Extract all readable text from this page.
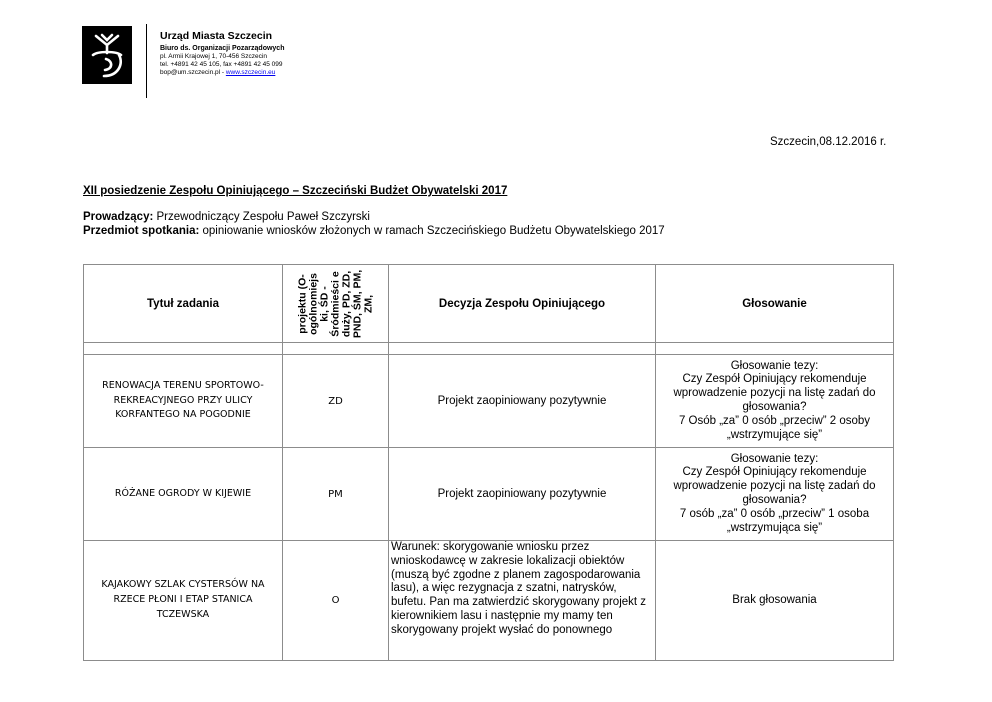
Urząd Miasta Szczecin
Biuro ds. Organizacji Pozarządowych
pl. Armii Krajowej 1, 70-456 Szczecin
tel. +4891 42 45 105, fax +4891 42 45 099
bop@um.szczecin.pl - www.szczecin.eu
Szczecin,08.12.2016 r.
XII posiedzenie Zespołu Opiniującego – Szczeciński Budżet Obywatelski 2017
Prowadzący: Przewodniczący Zespołu Paweł Szczyrski
Przedmiot spotkania: opiniowanie wniosków złożonych w ramach Szczecińskiego Budżetu Obywatelskiego 2017
Tytuł zadania	projektu (O- ogólnomiejs ki, ŚD - Śródmieści e duży, PD, ZD, PND, ŚM, PM, ZM,	Decyzja Zespołu Opiniującego	Głosowanie

RENOWACJA TERENU SPORTOWO-REKREACYJNEGO PRZY ULICY KORFANTEGO NA POGODNIE	ZD	Projekt zaopiniowany pozytywnie	Głosowanie tezy:
Czy Zespół Opiniujący rekomenduje wprowadzenie pozycji na listę zadań do głosowania?
7 Osób „za” 0 osób „przeciw” 2 osoby „wstrzymujące się”

RÓŻANE OGRODY W KIJEWIE	PM	Projekt zaopiniowany pozytywnie	Głosowanie tezy:
Czy Zespół Opiniujący rekomenduje wprowadzenie pozycji na listę zadań do głosowania?
7 osób „za” 0 osób „przeciw” 1 osoba „wstrzymująca się”

KAJAKOWY SZLAK CYSTERSÓW NA RZECE PŁONI I ETAP STANICA TCZEWSKA	O	Warunek: skorygowanie wniosku przez wnioskodawcę w zakresie lokalizacji obiektów (muszą być zgodne z planem zagospodarowania lasu), a więc rezygnacja z szatni, natrysków, bufetu. Pan ma zatwierdzić skorygowany projekt z kierownikiem lasu i następnie my mamy ten skorygowany projekt wysłać do ponownego	Brak głosowania
